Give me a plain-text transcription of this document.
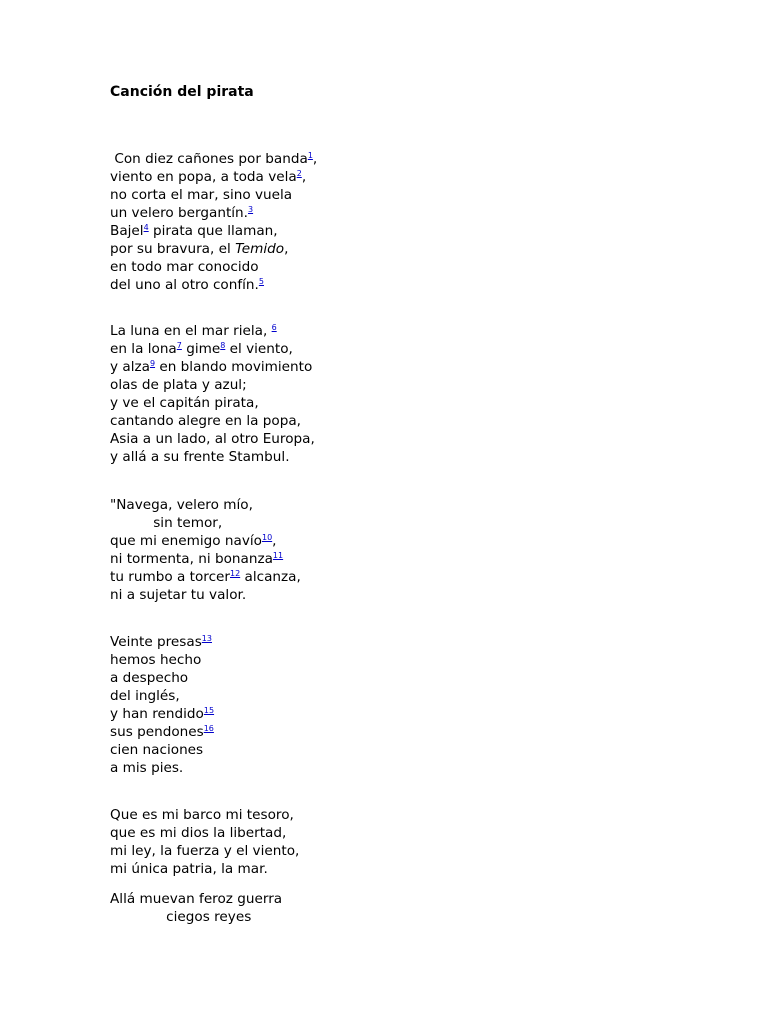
Canción del pirata
Con diez cañones por banda$^1$,
viento en popa, a toda vela$^2$,
no corta el mar, sino vuela
un velero bergantín.$^3$
Bajel$^4$ pirata que llaman,
por su bravura, el Temido,
en todo mar conocido
del uno al otro confín.$^5$
La luna en el mar riela, $^6$
en la lona$^7$ gime$^8$ el viento,
y alza$^9$ en blando movimiento
olas de plata y azul;
y ve el capitán pirata,
cantando alegre en la popa,
Asia a un lado, al otro Europa,
y allá a su frente Stambul.
"Navega, velero mío,
sin temor,
que mi enemigo navío$^{10}$,
ni tormenta, ni bonanza$^{11}$
tu rumbo a torcer$^{12}$ alcanza,
ni a sujetar tu valor.
Veinte presas$^{13}$
hemos hecho
a despecho
del inglés,
y han rendido$^{15}$
sus pendones$^{16}$
cien naciones
a mis pies.
Que es mi barco mi tesoro,
que es mi dios la libertad,
mi ley, la fuerza y el viento,
mi única patria, la mar.
Allá muevan feroz guerra
ciegos reyes
